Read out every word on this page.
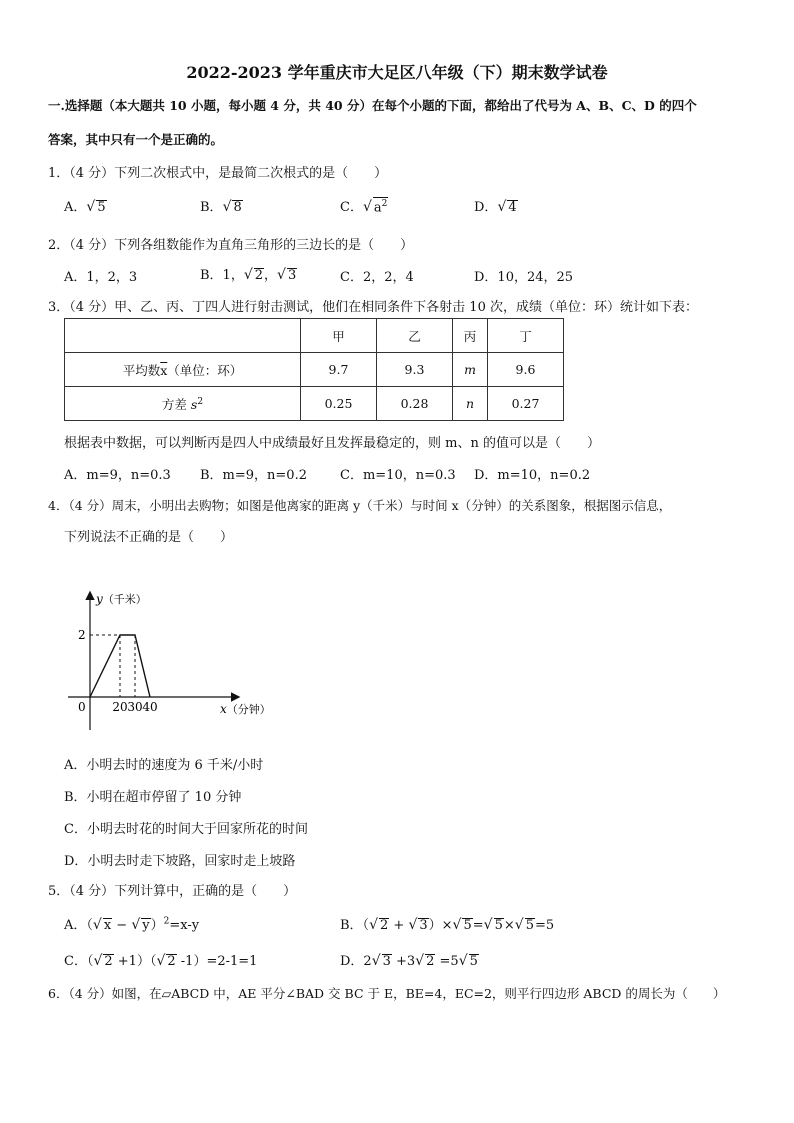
2022-2023 学年重庆市大足区八年级（下）期末数学试卷
一.选择题（本大题共 10 小题，每小题 4 分，共 40 分）在每个小题的下面，都给出了代号为 A、B、C、D 的四个
答案，其中只有一个是正确的。
1．（4 分）下列二次根式中，是最简二次根式的是（　　）
A．√ 5	B．√ 8	C．√ $a^2$	D．√ 4
2．（4 分）下列各组数能作为直角三角形的三边长的是（　　）
A．1，2，3	B．1，√ 2，√ 3	C．2，2，4	D．10，24，25
3．（4 分）甲、乙、丙、丁四人进行射击测试，他们在相同条件下各射击 10 次，成绩（单位：环）统计如下表：
	甲	乙	丙	丁
平均数$\overline{x}$（单位：环）	9.7	9.3	m	9.6
方差 $s^2$	0.25	0.28	n	0.27
根据表中数据，可以判断丙是四人中成绩最好且发挥最稳定的，则 m、n 的值可以是（　　）
A．m=9，n=0.3 B．m=9，n=0.2	C．m=10，n=0.3 D．m=10，n=0.2
4．（4 分）周末，小明出去购物；如图是他离家的距离 y（千米）与时间 x（分钟）的关系图象，根据图示信息，
下列说法不正确的是（　　）
y（千米）
x（分钟）
0
2
20 30 40
A．小明去时的速度为 6 千米/小时
B．小明在超市停留了 10 分钟
C．小明去时花的时间大于回家所花的时间
D．小明去时走下坡路，回家时走上坡路
5．（4 分）下列计算中，正确的是（　　）
A．（√ x − √ y）$^2$=x-y	B．（√ 2 + √ 3）×√ 5=√ 5×√ 5=5
C．（√ 2 +1）（√ 2 -1）=2-1=1	D．2√ 3 +3√ 2 =5√ 5
6．（4 分）如图，在▱ABCD 中，AE 平分∠BAD 交 BC 于 E，BE=4，EC=2，则平行四边形 ABCD 的周长为（　　）
